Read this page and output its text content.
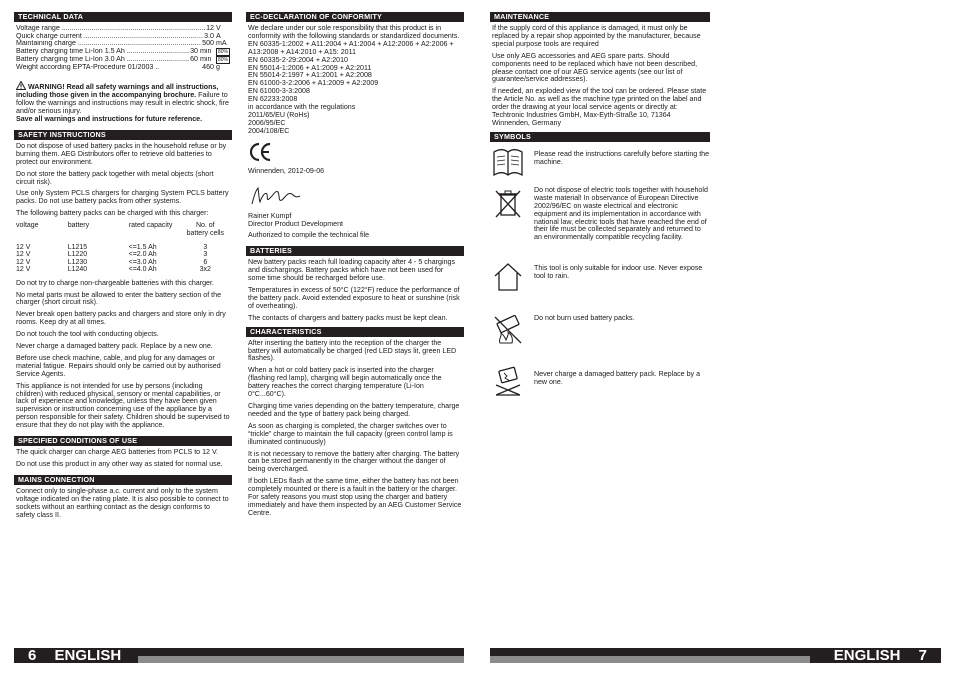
TECHNICAL DATA
Voltage range .....	12 V
Quick charge current .....	3.0 A
Maintaining charge .....	500 mA
Battery charging time Li-Ion 1.5 Ah .....	30 min	80%
Battery charging time Li-Ion 3.0 Ah .....	60 min	80%
Weight according EPTA-Procedure 01/2003 ..	460 g
WARNING! Read all safety warnings and all instructions, including those given in the accompanying brochure. Failure to follow the warnings and instructions may result in electric shock, fire and/or serious injury.
Save all warnings and instructions for future reference.
SAFETY INSTRUCTIONS
Do not dispose of used battery packs in the household refuse or by burning them. AEG Distributors offer to retrieve old batteries to protect our environment.
Do not store the battery pack together with metal objects (short circuit risk).
Use only System PCLS chargers for charging System PCLS battery packs. Do not use battery packs from other systems.
The following battery packs can be charged with this charger:
voltage	battery	rated capacity	No. of battery cells
12 V	L1215	<=1.5 Ah	3
12 V	L1220	<=2.0 Ah	3
12 V	L1230	<=3.0 Ah	6
12 V	L1240	<=4.0 Ah	3x2
Do not try to charge non-chargeable batteries with this charger.
No metal parts must be allowed to enter the battery section of the charger (short circuit risk).
Never break open battery packs and chargers and store only in dry rooms. Keep dry at all times.
Do not touch the tool with conducting objects.
Never charge a damaged battery pack. Replace by a new one.
Before use check machine, cable, and plug for any damages or material fatigue. Repairs should only be carried out by authorised Service Agents.
This appliance is not intended for use by persons (including children) with reduced physical, sensory or mental capabilities, or lack of experience and knowledge, unless they have been given supervision or instruction concerning use of the appliance by a person responsible for their safety. Children should be supervised to ensure that they do not play with the appliance.
SPECIFIED CONDITIONS OF USE
The quick charger can charge AEG batteries from PCLS to 12 V.
Do not use this product in any other way as stated for normal use.
MAINS CONNECTION
Connect only to single-phase a.c. current and only to the system voltage indicated on the rating plate. It is also possible to connect to sockets without an earthing contact as the design conforms to safety class II.
EC-DECLARATION OF CONFORMITY
We declare under our sole responsibility that this product is in conformity with the following standards or standardized documents.
EN 60335-1:2002 + A11:2004 + A1:2004 + A12:2006 + A2:2006 + A13:2008 + A14:2010 + A15: 2011
EN 60335-2-29:2004 + A2:2010
EN 55014-1:2006 + A1:2009 + A2:2011
EN 55014-2:1997 + A1:2001 + A2:2008
EN 61000-3-2:2006 + A1:2009 + A2:2009
EN 61000-3-3:2008
EN 62233:2008
in accordance with the regulations
2011/65/EU (RoHs)
2006/95/EC
2004/108/EC
Winnenden, 2012-09-06
Rainer Kumpf
Director Product Development
Authorized to compile the technical file
BATTERIES
New battery packs reach full loading capacity after 4 - 5 chargings and dischargings. Battery packs which have not been used for some time should be recharged before use.
Temperatures in excess of 50°C (122°F) reduce the performance of the battery pack. Avoid extended exposure to heat or sunshine (risk of overheating).
The contacts of chargers and battery packs must be kept clean.
CHARACTERISTICS
After inserting the battery into the reception of the charger the battery will automatically be charged (red LED stays lit, green LED flashes).
When a hot or cold battery pack is inserted into the charger (flashing red lamp), charging will begin automatically once the battery reaches the correct charging temperature (Li-Ion 0°C...60°C).
Charging time varies depending on the battery temperature, charge needed and the type of battery pack being charged.
As soon as charging is completed, the charger switches over to “trickle” charge to maintain the full capacity (green control lamp is illuminated continuously)
It is not necessary to remove the battery after charging. The battery can be stored permanently in the charger without the danger of being overcharged.
If both LEDs flash at the same time, either the battery has not been completely mounted or there is a fault in the battery or the charger. For safety reasons you must stop using the charger and battery immediately and have them inspected by an AEG Customer Service Centre.
MAINTENANCE
If the supply cord of this appliance is damaged, it must only be replaced by a repair shop appointed by the manufacturer, because special purpose tools are required
Use only AEG accessories and AEG spare parts. Should components need to be replaced which have not been described, please contact one of our AEG service agents (see our list of guarantee/service addresses).
If needed, an exploded view of the tool can be ordered. Please state the Article No. as well as the machine type printed on the label and order the drawing at your local service agents or directly at: Techtronic Industries GmbH, Max-Eyth-Straße 10, 71364 Winnenden, Germany
SYMBOLS
Please read the instructions carefully before starting the machine.
Do not dispose of electric tools together with household waste material! In observance of European Directive 2002/96/EC on waste electrical and electronic equipment and its implementation in accordance with national law, electric tools that have reached the end of their life must be collected separately and returned to an environmentally compatible recycling facility.
This tool is only suitable for indoor use. Never expose tool to rain.
Do not burn used battery packs.
Never charge a damaged battery pack. Replace by a new one.
6 ENGLISH	ENGLISH 7
